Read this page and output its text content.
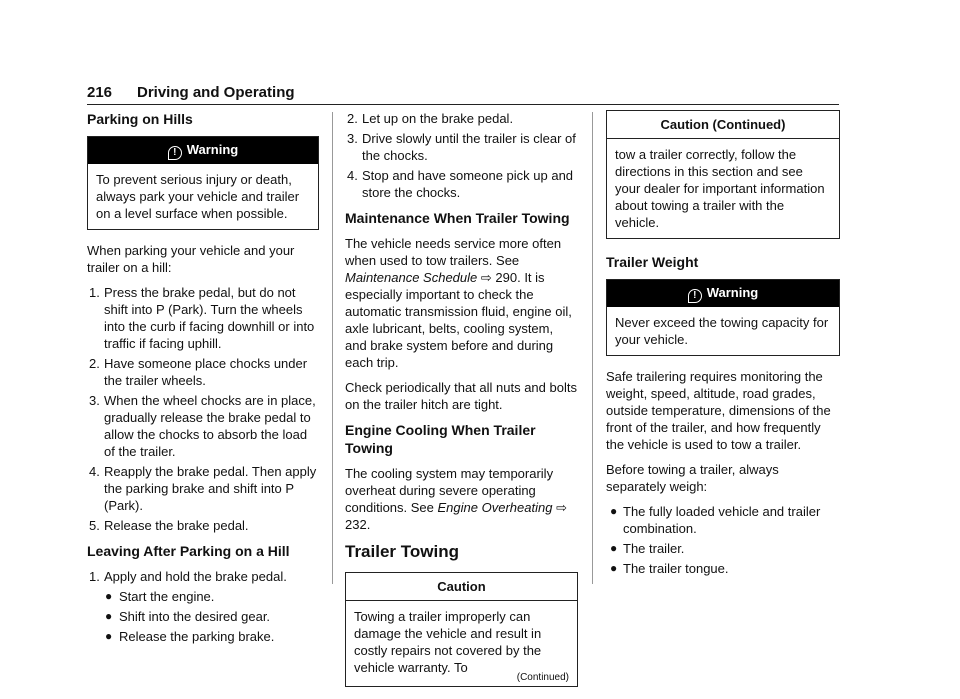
216 Driving and Operating
Parking on Hills
! Warning
To prevent serious injury or death, always park your vehicle and trailer on a level surface when possible.

When parking your vehicle and your trailer on a hill:

1. Press the brake pedal, but do not shift into P (Park). Turn the wheels into the curb if facing downhill or into traffic if facing uphill.
2. Have someone place chocks under the trailer wheels.
3. When the wheel chocks are in place, gradually release the brake pedal to allow the chocks to absorb the load of the trailer.
4. Reapply the brake pedal. Then apply the parking brake and shift into P (Park).
5. Release the brake pedal.
Leaving After Parking on a Hill
1. Apply and hold the brake pedal.
● Start the engine.
● Shift into the desired gear.
● Release the parking brake.
2. Let up on the brake pedal.
3. Drive slowly until the trailer is clear of the chocks.
4. Stop and have someone pick up and store the chocks.
Maintenance When Trailer Towing

The vehicle needs service more often when used to tow trailers. See Maintenance Schedule ⇨ 290. It is especially important to check the automatic transmission fluid, engine oil, axle lubricant, belts, cooling system, and brake system before and during each trip.

Check periodically that all nuts and bolts on the trailer hitch are tight.

Engine Cooling When Trailer Towing

The cooling system may temporarily overheat during severe operating conditions. See Engine Overheating ⇨ 232.

Trailer Towing
Caution
Towing a trailer improperly can damage the vehicle and result in costly repairs not covered by the vehicle warranty. To
(Continued)
Caution (Continued)
tow a trailer correctly, follow the directions in this section and see your dealer for important information about towing a trailer with the vehicle.
Trailer Weight
! Warning
Never exceed the towing capacity for your vehicle.

Safe trailering requires monitoring the weight, speed, altitude, road grades, outside temperature, dimensions of the front of the trailer, and how frequently the vehicle is used to tow a trailer.

Before towing a trailer, always separately weigh:

● The fully loaded vehicle and trailer combination.
● The trailer.
● The trailer tongue.
